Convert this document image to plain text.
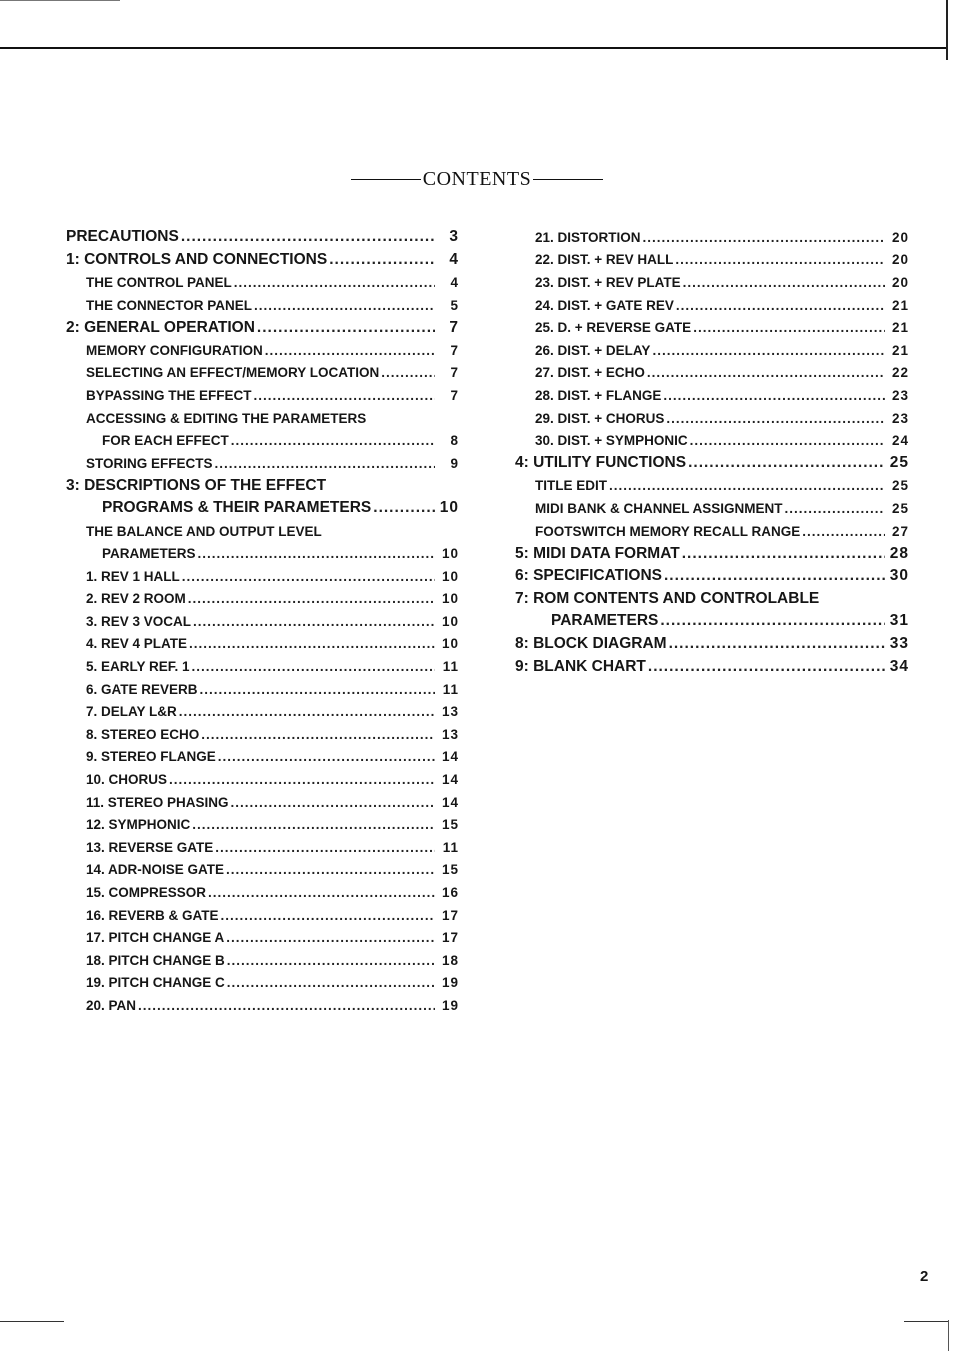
CONTENTS
PRECAUTIONS .....	3
1: CONTROLS AND CONNECTIONS .....	4
THE CONTROL PANEL .....	4
THE CONNECTOR PANEL .....	5
2: GENERAL OPERATION .....	7
MEMORY CONFIGURATION .....	7
SELECTING AN EFFECT/MEMORY LOCATION .....	7
BYPASSING THE EFFECT .....	7
ACCESSING & EDITING THE PARAMETERS
FOR EACH EFFECT .....	8
STORING EFFECTS .....	9
3: DESCRIPTIONS OF THE EFFECT
PROGRAMS & THEIR PARAMETERS .....	10
THE BALANCE AND OUTPUT LEVEL
PARAMETERS .....	10
1. REV 1 HALL .....	10
2. REV 2 ROOM .....	10
3. REV 3 VOCAL .....	10
4. REV 4 PLATE .....	10
5. EARLY REF. 1 .....	11
6. GATE REVERB .....	11
7. DELAY L&R .....	13
8. STEREO ECHO .....	13
9. STEREO FLANGE .....	14
10. CHORUS .....	14
11. STEREO PHASING .....	14
12. SYMPHONIC .....	15
13. REVERSE GATE .....	11
14. ADR-NOISE GATE .....	15
15. COMPRESSOR .....	16
16. REVERB & GATE .....	17
17. PITCH CHANGE A .....	17
18. PITCH CHANGE B .....	18
19. PITCH CHANGE C .....	19
20. PAN .....	19
21. DISTORTION .....	20
22. DIST. + REV HALL .....	20
23. DIST. + REV PLATE .....	20
24. DIST. + GATE REV .....	21
25. D. + REVERSE GATE .....	21
26. DIST. + DELAY .....	21
27. DIST. + ECHO .....	22
28. DIST. + FLANGE .....	23
29. DIST. + CHORUS .....	23
30. DIST. + SYMPHONIC .....	24
4: UTILITY FUNCTIONS .....	25
TITLE EDIT .....	25
MIDI BANK & CHANNEL ASSIGNMENT .....	25
FOOTSWITCH MEMORY RECALL RANGE .....	27
5: MIDI DATA FORMAT .....	28
6: SPECIFICATIONS .....	30
7: ROM CONTENTS AND CONTROLABLE
PARAMETERS .....	31
8: BLOCK DIAGRAM .....	33
9: BLANK CHART .....	34
2
